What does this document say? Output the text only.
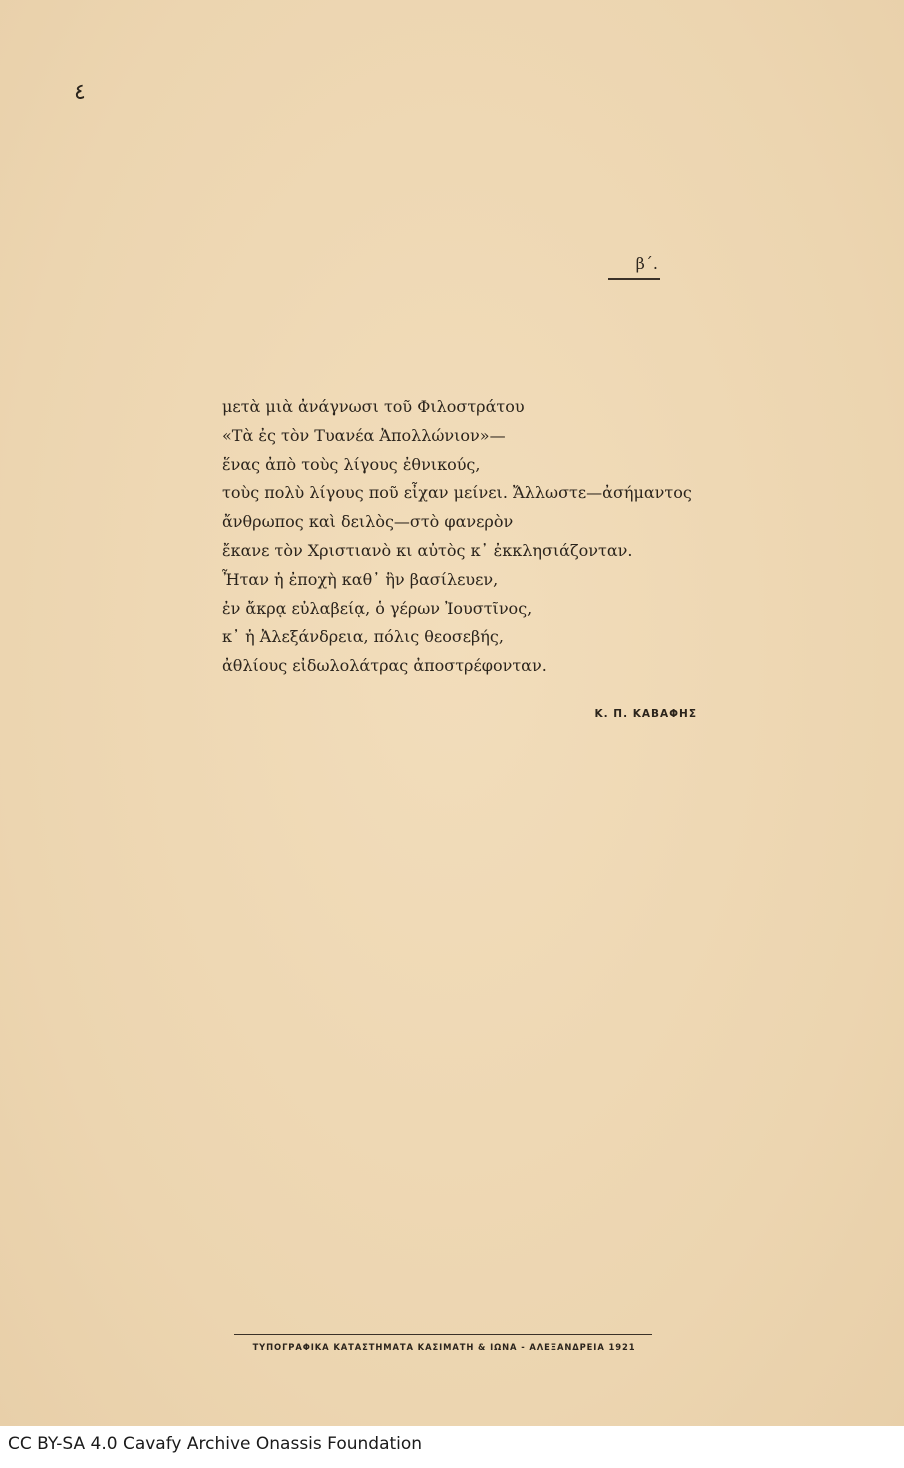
٤
β΄.
μετὰ μιὰ ἀνάγνωσι τοῦ Φιλοστράτου
«Τὰ ἐς τὸν Τυανέα Ἀπολλώνιον»—
ἕνας ἀπὸ τοὺς λίγους ἐθνικούς,
τοὺς πολὺ λίγους ποῦ εἶχαν μείνει. Ἄλλωστε—ἀσήμαντος
ἄνθρωπος καὶ δειλὸς—στὸ φανερὸν
ἔκανε τὸν Χριστιανὸ κι αὐτὸς κ᾿ ἐκκλησιάζονταν.
Ἦταν ἡ ἐποχὴ καθ᾿ ἣν βασίλευεν,
ἐν ἄκρᾳ εὐλαβείᾳ, ὁ γέρων Ἰουστῖνος,
κ᾿ ἡ Ἀλεξάνδρεια, πόλις θεοσεβής,
ἀθλίους εἰδωλολάτρας ἀποστρέφονταν.
Κ. Π. ΚΑΒΑΦΗΣ
ΤΥΠΟΓΡΑΦΙΚΑ ΚΑΤΑΣΤΗΜΑΤΑ ΚΑΣΙΜΑΤΗ & ΙΩΝΑ - ΑΛΕΞΑΝΔΡΕΙΑ 1921
CC BY-SA 4.0 Cavafy Archive Onassis Foundation
